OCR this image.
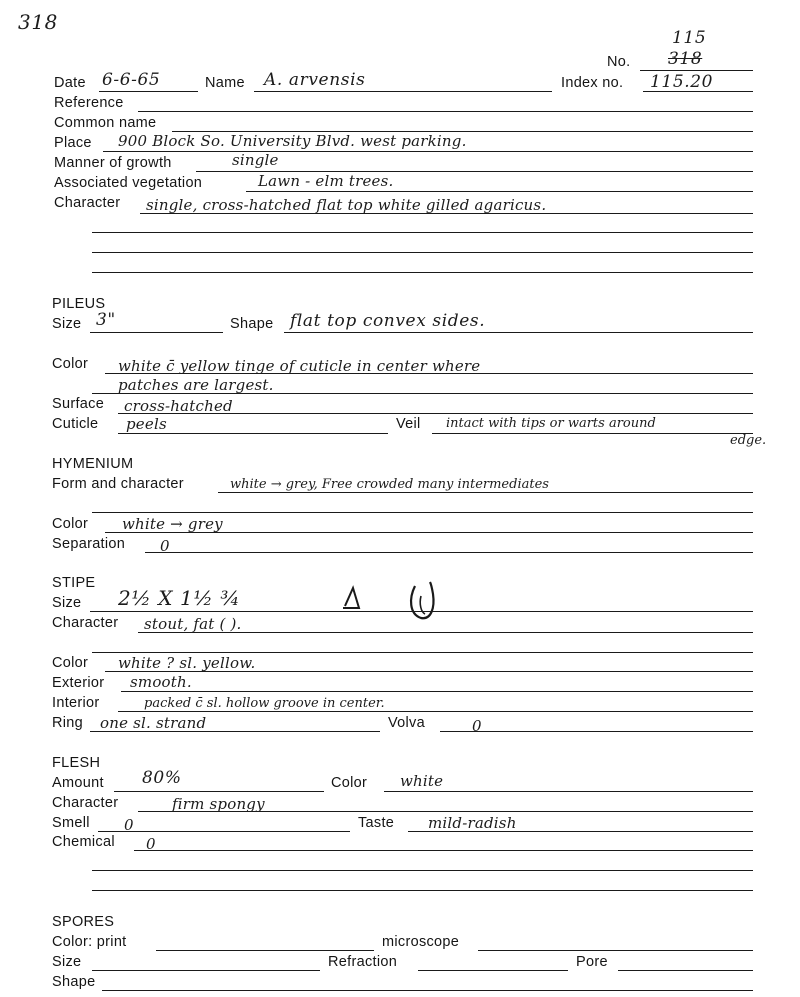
318
No.
115
318
Date 6-6-65	Name A. arvensis	Index no. 115.20
Reference
Common name
Place 900 Block So. University Blvd. west parking.
Manner of growth	single
Associated vegetation	Lawn - elm trees.
Character single, cross-hatched flat top white gilled agaricus.
PILEUS
Size 3"	Shape flat top convex sides.
Color white c̄ yellow tinge of cuticle in center where
patches are largest.
Surface cross-hatched
Cuticle peels	Veil intact with tips or warts around
edge.
HYMENIUM
Form and character	white → grey, Free crowded many intermediates
Color white → grey
Separation 0
STIPE
Size 2½ X 1½ ¾
Character stout, fat ( ).
Color white ? sl. yellow.
Exterior smooth.
Interior	packed c̄ sl. hollow groove in center.
Ring one sl. strand	Volva	0
FLESH
Amount 80%	Color white
Character	firm spongy
Smell 0	Taste mild-radish
Chemical 0
SPORES
Color: print	microscope
Size	Refraction	Pore
Shape
